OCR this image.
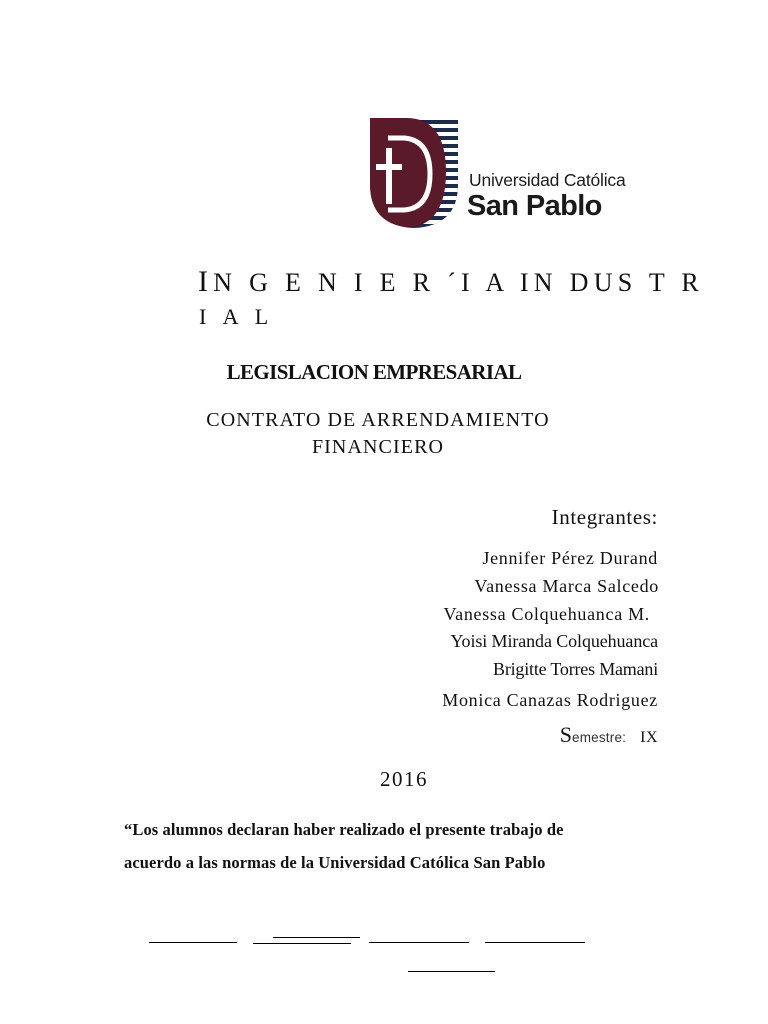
Universidad Católica
San Pablo
IN G E N I E R ´I A IN DUS T R
I A L
LEGISLACION EMPRESARIAL
CONTRATO DE ARRENDAMIENTO
FINANCIERO
Integrantes:
Jennifer Pérez Durand
Vanessa Marca Salcedo
Vanessa Colquehuanca M.
Yoisi Miranda Colquehuanca
Brigitte Torres Mamani
Monica Canazas Rodriguez
Semestre: IX
2016
“Los alumnos declaran haber realizado el presente trabajo de
acuerdo a las normas de la Universidad Católica San Pablo
